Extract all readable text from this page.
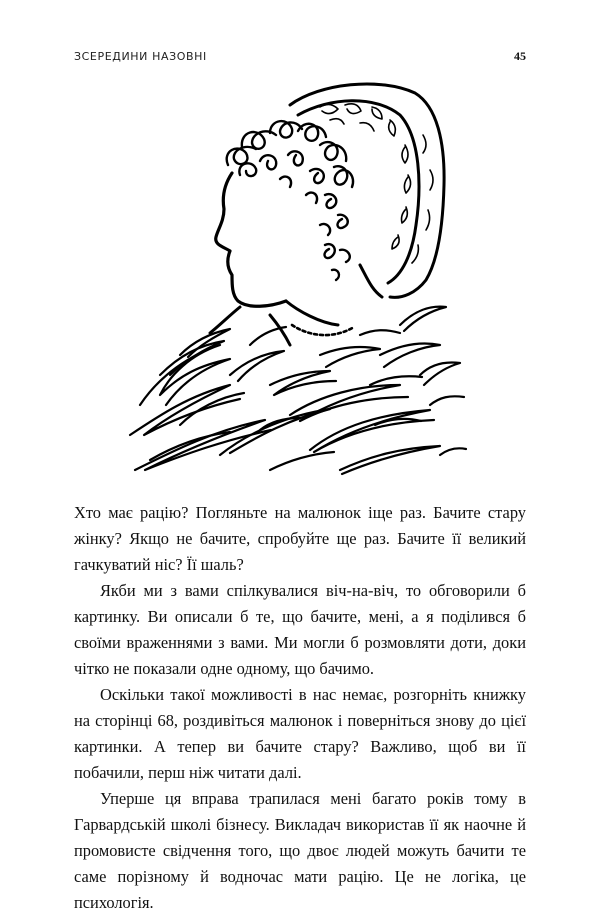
ЗСЕРЕДИНИ НАЗОВНІ	45

Хто має рацію? Погляньте на малюнок іще раз. Бачите стару жінку? Якщо не бачите, спробуйте ще раз. Бачите її великий гачкуватий ніс? Її шаль?

Якби ми з вами спілкувалися віч-на-віч, то обговорили б картинку. Ви описали б те, що бачите, мені, а я поділився б своїми враженнями з вами. Ми могли б розмовляти доти, доки чітко не показали одне одному, що бачимо.

Оскільки такої можливості в нас немає, розгорніть книжку на сторінці 68, роздивіться малюнок і поверніться знову до цієї картинки. А тепер ви бачите стару? Важливо, щоб ви її побачили, перш ніж читати далі.

Уперше ця вправа трапилася мені багато років тому в Гарвардській школі бізнесу. Викладач використав її як наочне й промовисте свідчення того, що двоє людей можуть бачити те саме порізному й водночас мати рацію. Це не логіка, це психологія.
